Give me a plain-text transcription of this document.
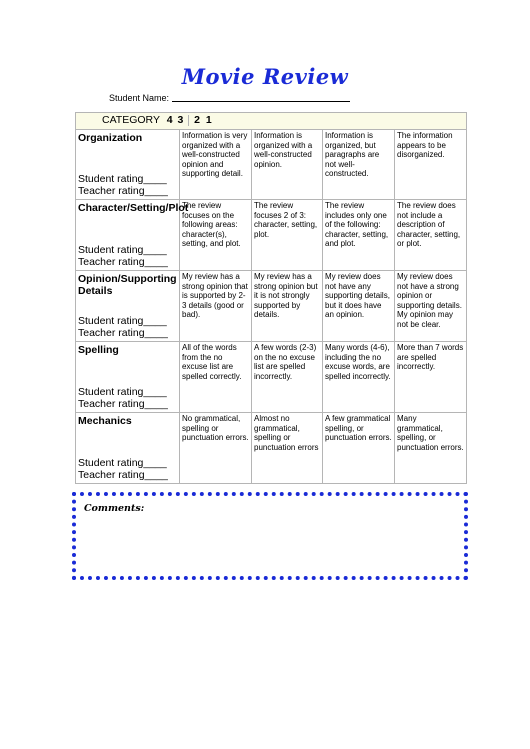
Movie Review
Student Name:
CATEGORY 4 3 2 1				

Organization
Student rating____
Teacher rating____	Information is very organized with a well-constructed opinion and supporting detail.	Information is organized with a well-constructed opinion.	Information is organized, but paragraphs are not well-constructed.	The information appears to be disorganized.

Character/Setting/Plot
Student rating____
Teacher rating____	The review focuses on the following areas: character(s), setting, and plot.	The review focuses 2 of 3: character, setting, plot.	The review includes only one of the following: character, setting, and plot.	The review does not include a description of character, setting, or plot.

Opinion/Supporting Details
Student rating____
Teacher rating____	My review has a strong opinion that is supported by 2-3 details (good or bad).	My review has a strong opinion but it is not strongly supported by details.	My review does not have any supporting details, but it does have an opinion.	My review does not have a strong opinion or supporting details. My opinion may not be clear.

Spelling
Student rating____
Teacher rating____	All of the words from the no excuse list are spelled correctly.	A few words (2-3) on the no excuse list are spelled incorrectly.	Many words (4-6), including the no excuse words, are spelled incorrectly.	More than 7 words are spelled incorrectly.

Mechanics
Student rating____
Teacher rating____	No grammatical, spelling or punctuation errors.	Almost no grammatical, spelling or punctuation errors	A few grammatical spelling, or punctuation errors.	Many grammatical, spelling, or punctuation errors.
Comments:
